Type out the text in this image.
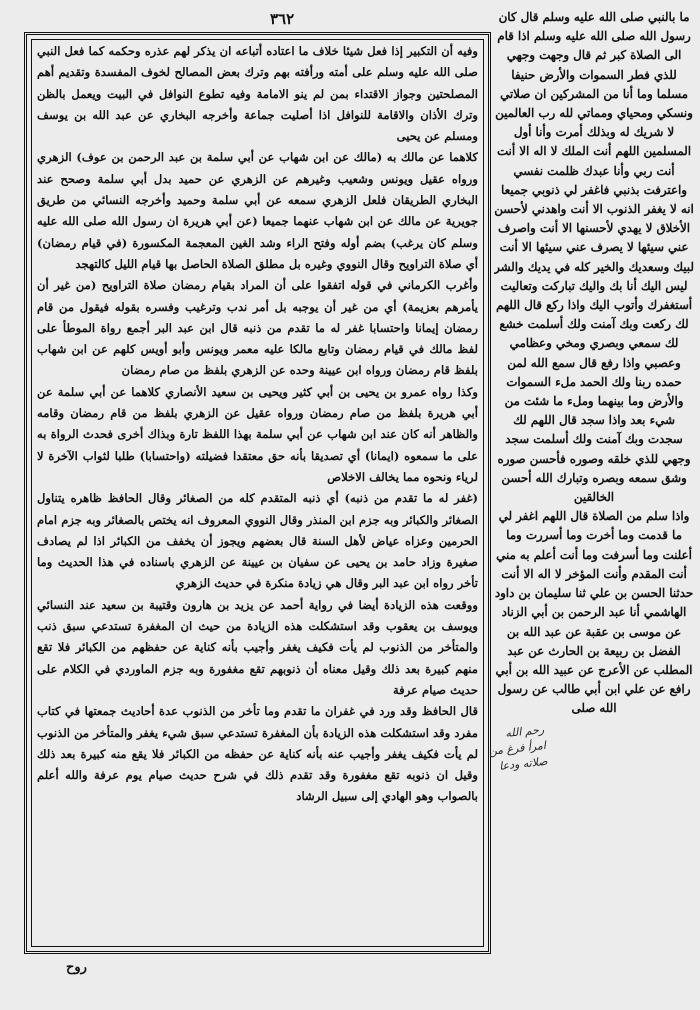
٣٦٢

وفيه أن التكبير إذا فعل شيئا خلاف ما اعتاده أتباعه ان يذكر لهم عذره وحكمه كما فعل النبي صلى الله عليه وسلم على أمته ورأفته بهم وترك بعض المصالح لخوف المفسدة وتقديم أهم المصلحتين وجواز الاقتداء بمن لم ينو الامامة وفيه تطوع النوافل في البيت ويعمل بالظن وترك الأذان والاقامة للنوافل اذا أصليت جماعة وأخرجه البخاري عن عبد الله بن يوسف ومسلم عن يحيى

كلاهما عن مالك به (مالك عن ابن شهاب عن أبي سلمة بن عبد الرحمن بن عوف) الزهري ورواه عقيل ويونس وشعيب وغيرهم عن الزهري عن حميد بدل أبي سلمة وصحح عند البخاري الطريقان فلعل الزهري سمعه عن أبي سلمة وحميد وأخرجه النسائي من طريق جويرية عن مالك عن ابن شهاب عنهما جميعا (عن أبي هريرة ان رسول الله صلى الله عليه وسلم كان يرغب) بضم أوله وفتح الراء وشد الغين المعجمة المكسورة (في قيام رمضان) أي صلاة التراويح وقال النووي وغيره بل مطلق الصلاة الحاصل بها قيام الليل كالتهجد

وأغرب الكرماني في قوله اتفقوا على أن المراد بقيام رمضان صلاة التراويح (من غير أن يأمرهم بعزيمة) أي من غير أن يوجبه بل أمر ندب وترغيب وفسره بقوله فيقول من قام رمضان إيمانا واحتسابا غفر له ما تقدم من ذنبه قال ابن عبد البر أجمع رواة الموطأ على لفظ مالك في قيام رمضان وتابع مالكا عليه معمر ويونس وأبو أويس كلهم عن ابن شهاب بلفظ قام رمضان ورواه ابن عيينة وحده عن الزهري بلفظ من صام رمضان

وكذا رواه عمرو بن يحيى بن أبي كثير ويحيى بن سعيد الأنصاري كلاهما عن أبي سلمة عن أبي هريرة بلفظ من صام رمضان ورواه عقيل عن الزهري بلفظ من قام رمضان وقامه والظاهر أنه كان عند ابن شهاب عن أبي سلمة بهذا اللفظ تارة وبذاك أخرى فحدث الرواة به على ما سمعوه (ايمانا) أي تصديقا بأنه حق معتقدا فضيلته (واحتسابا) طلبا لثواب الآخرة لا لرياء ونحوه مما يخالف الاخلاص

(غفر له ما تقدم من ذنبه) أي ذنبه المتقدم كله من الصغائر وقال الحافظ ظاهره يتناول الصغائر والكبائر وبه جزم ابن المنذر وقال النووي المعروف انه يختص بالصغائر وبه جزم امام الحرمين وعزاه عياض لأهل السنة قال بعضهم ويجوز أن يخفف من الكبائر اذا لم يصادف صغيرة وزاد حامد بن يحيى عن سفيان بن عيينة عن الزهري باسناده في هذا الحديث وما تأخر رواه ابن عبد البر وقال هي زيادة منكرة في حديث الزهري

ووقعت هذه الزيادة أيضا في رواية أحمد عن يزيد بن هارون وقتيبة بن سعيد عند النسائي ويوسف بن يعقوب وقد استشكلت هذه الزيادة من حيث ان المغفرة تستدعي سبق ذنب والمتأخر من الذنوب لم يأت فكيف يغفر وأجيب بأنه كناية عن حفظهم من الكبائر فلا تقع منهم كبيرة بعد ذلك وقيل معناه أن ذنوبهم تقع مغفورة وبه جزم الماوردي في الكلام على حديث صيام عرفة

قال الحافظ وقد ورد في غفران ما تقدم وما تأخر من الذنوب عدة أحاديث جمعتها في كتاب مفرد وقد استشكلت هذه الزيادة بأن المغفرة تستدعي سبق شيء يغفر والمتأخر من الذنوب لم يأت فكيف يغفر وأجيب عنه بأنه كناية عن حفظه من الكبائر فلا يقع منه كبيرة بعد ذلك وقيل ان ذنوبه تقع مغفورة وقد تقدم ذلك في شرح حديث صيام يوم عرفة والله أعلم بالصواب وهو الهادي إلى سبيل الرشاد

ما بالنبي صلى الله عليه وسلم قال كان رسول الله صلى الله عليه وسلم اذا قام الى الصلاة كبر ثم قال وجهت وجهي للذي فطر السموات والأرض حنيفا مسلما وما أنا من المشركين ان صلاتي ونسكي ومحياي ومماتي لله رب العالمين لا شريك له وبذلك أمرت وأنا أول المسلمين اللهم أنت الملك لا اله الا أنت أنت ربي وأنا عبدك ظلمت نفسي واعترفت بذنبي فاغفر لي ذنوبي جميعا انه لا يغفر الذنوب الا أنت واهدني لأحسن الأخلاق لا يهدي لأحسنها الا أنت واصرف عني سيئها لا يصرف عني سيئها الا أنت لبيك وسعديك والخير كله في يديك والشر ليس اليك أنا بك واليك تباركت وتعاليت أستغفرك وأتوب اليك واذا ركع قال اللهم لك ركعت وبك آمنت ولك أسلمت خشع لك سمعي وبصري ومخي وعظامي وعصبي واذا رفع قال سمع الله لمن حمده ربنا ولك الحمد ملء السموات والأرض وما بينهما وملء ما شئت من شيء بعد واذا سجد قال اللهم لك سجدت وبك آمنت ولك أسلمت سجد وجهي للذي خلقه وصوره فأحسن صوره وشق سمعه وبصره وتبارك الله أحسن الخالقين

واذا سلم من الصلاة قال اللهم اغفر لي ما قدمت وما أخرت وما أسررت وما أعلنت وما أسرفت وما أنت أعلم به مني أنت المقدم وأنت المؤخر لا اله الا أنت حدثنا الحسن بن علي ثنا سليمان بن داود الهاشمي أنا عبد الرحمن بن أبي الزناد عن موسى بن عقبة عن عبد الله بن الفضل بن ربيعة بن الحارث عن عبد المطلب عن الأعرج عن عبيد الله بن أبي رافع عن علي ابن أبي طالب عن رسول الله صلى

رحم الله امرأ فرغ من صلاته ودعا
روح
